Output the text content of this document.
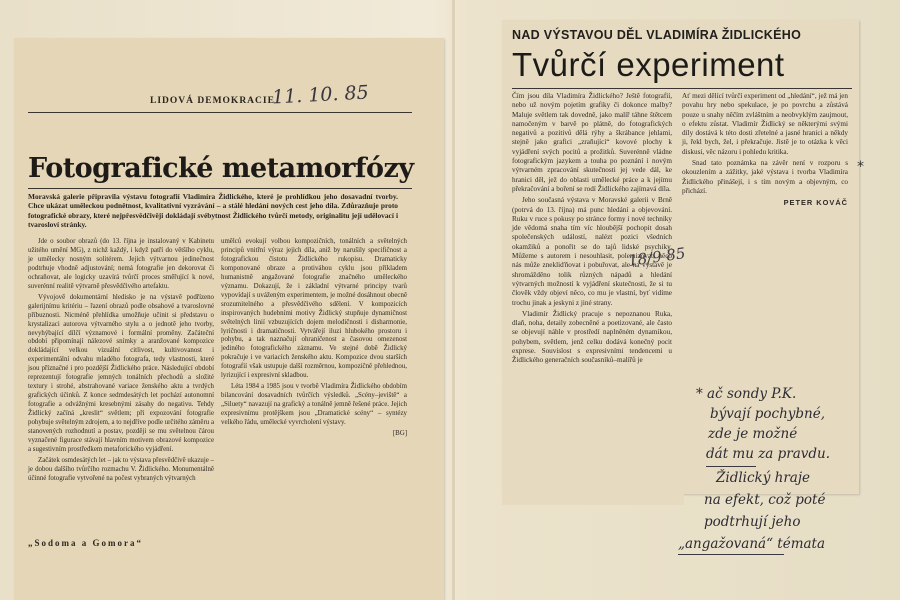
LIDOVÁ DEMOKRACIE
11. 10. 85
Fotografické metamorfózy
Moravská galerie připravila výstavu fotografií Vladimíra Židlického, které je prohlídkou jeho dosavadní tvorby. Chce ukázat uměleckou podnětnost, kvalitativní vyzrávání – a stálé hledání nových cest jeho díla. Zdůrazňuje proto fotografické obrazy, které nejpřesvědčivěji dokládají svébytnost Židlického tvůrčí metody, originalitu její udělovací i tvarosloví stránky.

Jde o soubor obrazů (do 13. října je instalovaný v Kabinetu užitého umění MG), z nichž každý, i když patří do většího cyklu, je umělecky nosným solitérem. Jejich výtvarnou jedinečnost podtrhuje vhodně adjustování; nemá fotografie jen dekorovat či ochraňovat, ale logicky uzavírá tvůrčí proces směřující k nové, suverénní realitě výtvarně přesvědčivého artefaktu.

Vývojově dokumentární hledisko je na výstavě podřízeno galerijnímu kritériu – řazení obrazů podle obsahové a tvaroslovné příbuznosti. Nicméně přehlídka umožňuje učinit si představu o krystalizaci autorova výtvarného stylu a o jednotě jeho tvorby, nevyhýbající dílčí významové i formální proměny. Začáteční období připomínají nálezové snímky a aranžované kompozice dokládající velkou vizuální citlivost, kultivovanost i experimentální odvahu mladého fotografa, tedy vlastnosti, které jsou příznačné i pro pozdější Židlického práce. Následující období reprezentují fotografie jemných tonálních přechodů a složité textury i strohé, abstrahované variace ženského aktu a tvrdých grafických účinků. Z konce sedmdesátých let pochází autonomní fotografie a odvážnými kresebnými zásahy do negativu. Tehdy Židlický začíná „kreslit“ světlem; při expozování fotografie pohybuje světelným zdrojem, a to nejdříve podle určitého záměru a stanovených rozhodnutí a postav, později se mu světelnou čárou vyznačené figurace stávají hlavním motivem obrazové kompozice a sugestivním prostředkem metaforického vyjádření.

Začátek osmdesátých let – jak to výstava přesvědčivě ukazuje – je dobou dalšího tvůrčího rozmachu V. Židlického. Monumentálně účinné fotografie vytvořené na počest vybraných výtvarných

umělců evokují volbou kompozičních, tonálních a světelných principů vnitřní výraz jejich díla, aniž by narušily specifičnost a fotografickou čistotu Židlického rukopisu. Dramaticky komponované obraze a protiváhou cyklu jsou příkladem humanistně angažované fotografie značného uměleckého významu. Dokazují, že i základní výtvarné principy tvarů vypovídají s uváženým experimentem, je možné dosáhnout obecně srozumitelného a přesvědčivého sdělení. V kompozicích inspirovaných hudebními motivy Židlický stupňuje dynamičnost světelných linií vzbuzujících dojem melodičnosti i disharmonie, lyričnosti i dramatičnosti. Vytvářejí iluzi hlubokého prostoru i pohybu, a tak naznačují ohraničenost a časovou omezenost jediného fotografického záznamu. Ve stejné době Židlický pokračuje i ve variacích ženského aktu. Kompozice dvou starších fotografií však ustupuje další rozměrnou, kompozičně přehlednou, lyrizující i expresivní skladbou.

Léta 1984 a 1985 jsou v tvorbě Vladimíra Židlického obdobím bilancování dosavadních tvůrčích výsledků. „Scény–jeviště“ a „Siluety“ navazují na grafický a tonálně jemně řešené práce. Jejich expresivnímu protějškem jsou „Dramatické scény“ – syntézy velkého řádu, umělecké vyvrcholení výstavy.

[BG]
„Sodoma a Gomora“
NAD VÝSTAVOU DĚL VLADIMÍRA ŽIDLICKÉHO
Tvůrčí experiment

Čím jsou díla Vladimíra Židlického? Ještě fotografií, nebo už novým pojetím grafiky či dokonce malby? Maluje světlem tak dovedně, jako malíř táhne štětcem namočeným v barvě po plátně, do fotografických negativů a pozitivů dělá rýhy a škrábance jehlami, stejně jako grafici „zraňující“ kovové plochy k vyjádření svých pocitů a prožitků. Suverénně vládne fotografickým jazykem a touha po poznání i novým výtvarném zpracování skutečnosti jej vede dál, ke hranici děl, jež do oblasti umělecké práce a k jejímu překračování a boření se rodí Židlického zajímavá díla.

Jeho současná výstava v Moravské galerii v Brně (potrvá do 13. října) má punc hledání a objevování. Ruku v ruce s pokusy po stránce formy i nové techniky jde vědomá snaha tím víc hloubější pochopit dosah společenských událostí, nalézt pozici všedních okamžiků a ponořit se do tajů lidské psychiky. Můžeme s autorem i nesouhlasit, polemizovat, něco nás může znekliďňovat i pobuřovat, ale na výstavě je shromážděno tolik různých nápadů a hledání výtvarných možností k vyjádření skutečnosti, že si tu člověk vždy objeví něco, co mu je vlastní, byť vidíme trochu jinak a jeskyni z jiné strany.

Vladimír Židlický pracuje s nepoznanou Ruka, dlaň, noha, detaily zobecněné a poetizované, ale často se objevují náhle v prostředí naplněném dynamikou, pohybem, světlem, jenž celku dodává konečný pocit exprese. Souvislost s expresivními tendencemi u Židlického generačních současníků–malířů je

Ať mezi dělící tvůrčí experiment od „hledání“, jež má jen povahu hry nebo spekulace, je po povrchu a zůstává pouze u snahy něčím zvláštním a neobvyklým zaujmout, o efektu zůstat. Vladimír Židlický se některými svými díly dostává k této dosti zřetelné a jasné hranici a někdy ji, řekl bych, žel, i překračuje. Jistě je to otázka k věci diskusi, věc názoru i pohledu kritika.

Snad tato poznámka na závěr není v rozporu s okouzlením a zážitky, jaké výstava i tvorba Vladimíra Židlického přinášejí, i s tím novým a objevným, co přichází.

PETER KOVÁČ
18/9 85
*
* ač sondy P.K.
bývají pochybné,
zde je možné
dát mu za pravdu.
Židlický hraje
na efekt, což poté
podtrhují jeho
„angažovaná“ témata
